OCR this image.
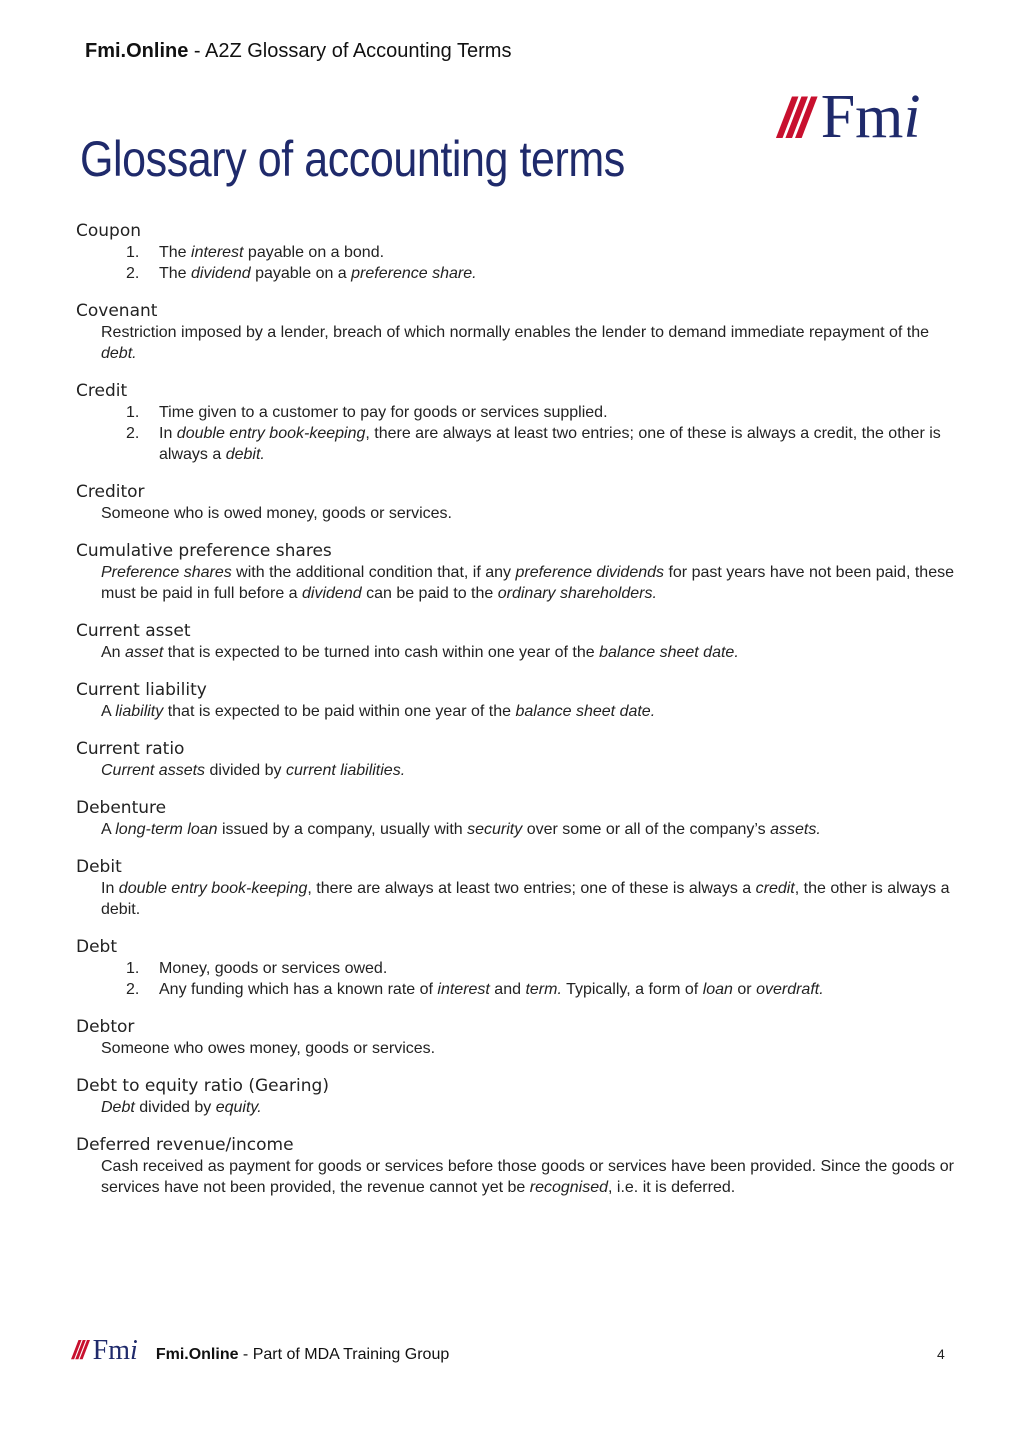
Fmi.Online - A2Z Glossary of Accounting Terms
Glossary of accounting terms
/// Fmi

Coupon

1. The interest payable on a bond.
2. The dividend payable on a preference share.

Covenant

Restriction imposed by a lender, breach of which normally enables the lender to demand immediate repayment of the debt.

Credit

1. Time given to a customer to pay for goods or services supplied.
2. In double entry book-keeping, there are always at least two entries; one of these is always a credit, the other is always a debit.

Creditor

Someone who is owed money, goods or services.

Cumulative preference shares

Preference shares with the additional condition that, if any preference dividends for past years have not been paid, these must be paid in full before a dividend can be paid to the ordinary shareholders.

Current asset

An asset that is expected to be turned into cash within one year of the balance sheet date.

Current liability

A liability that is expected to be paid within one year of the balance sheet date.

Current ratio

Current assets divided by current liabilities.

Debenture

A long-term loan issued by a company, usually with security over some or all of the company’s assets.

Debit

In double entry book-keeping, there are always at least two entries; one of these is always a credit, the other is always a debit.

Debt

1. Money, goods or services owed.
2. Any funding which has a known rate of interest and term. Typically, a form of loan or overdraft.

Debtor

Someone who owes money, goods or services.

Debt to equity ratio (Gearing)

Debt divided by equity.

Deferred revenue/income

Cash received as payment for goods or services before those goods or services have been provided. Since the goods or services have not been provided, the revenue cannot yet be recognised, i.e. it is deferred.

/// Fmi Fmi.Online - Part of MDA Training Group	4
